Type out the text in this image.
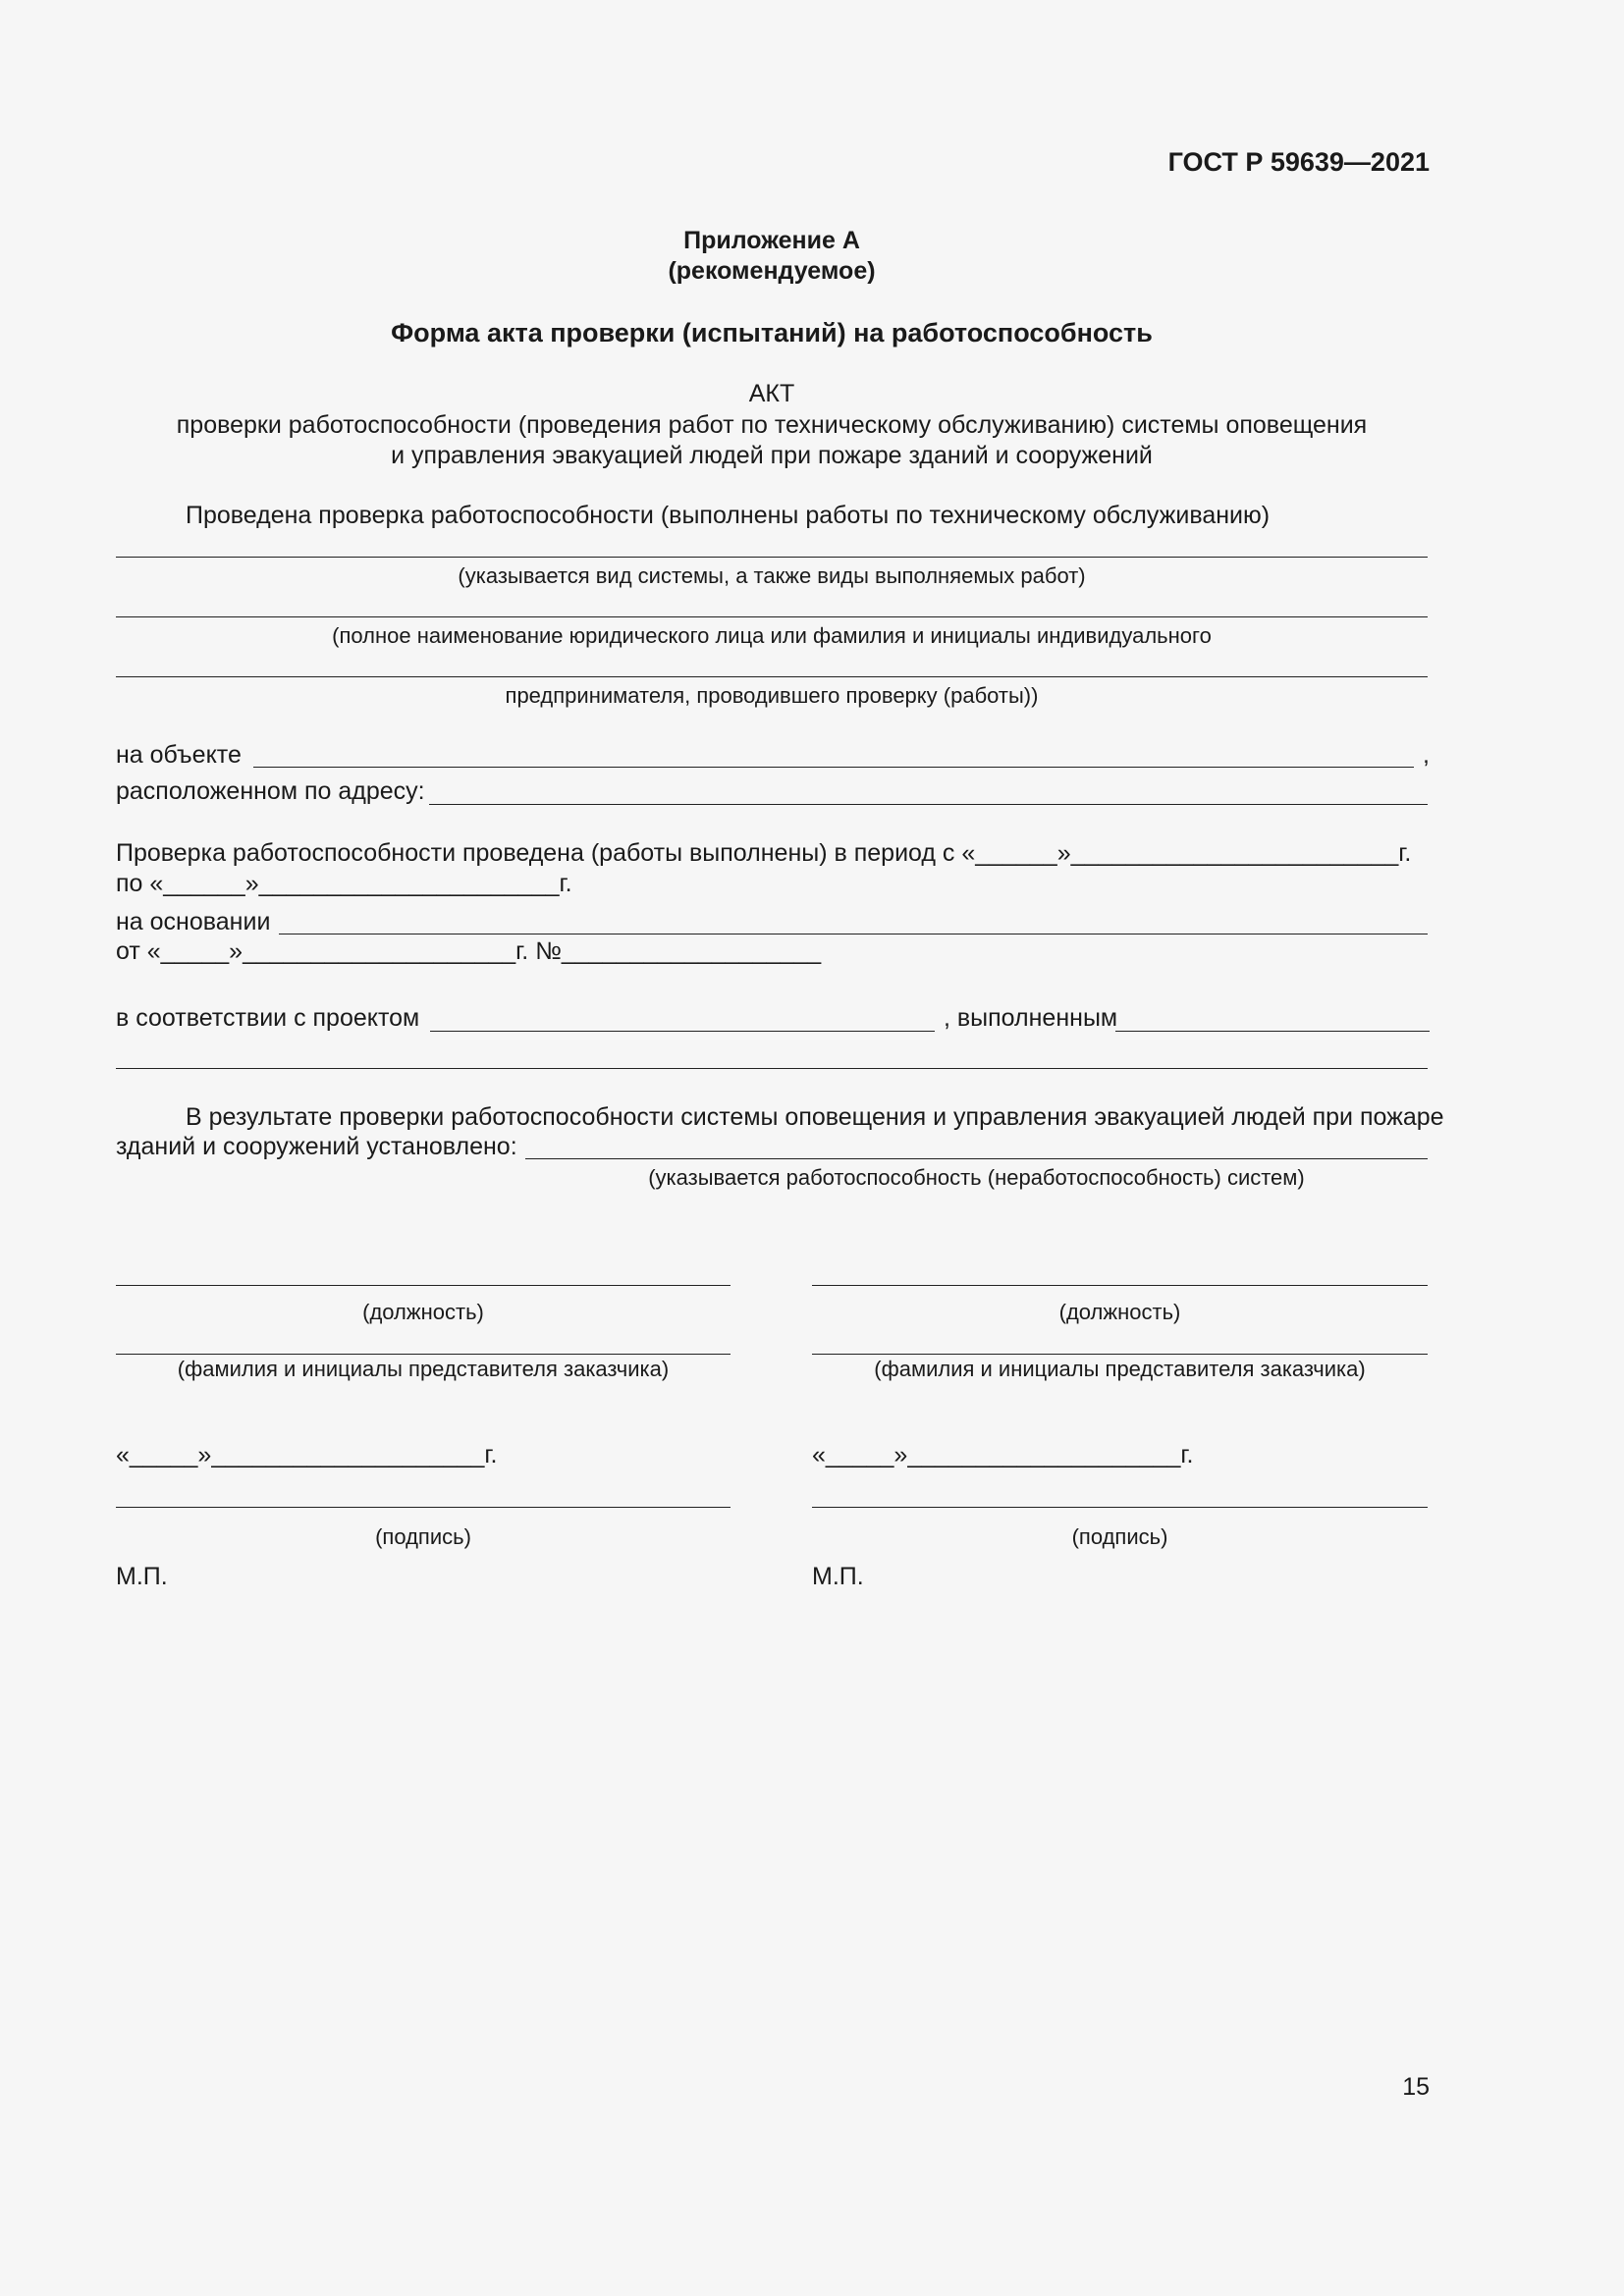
ГОСТ Р 59639—2021
Приложение А
(рекомендуемое)
Форма акта проверки (испытаний) на работоспособность
АКТ
проверки работоспособности (проведения работ по техническому обслуживанию) системы оповещения
и управления эвакуацией людей при пожаре зданий и сооружений
Проведена проверка работоспособности (выполнены работы по техническому обслуживанию)
(указывается вид системы, а также виды выполняемых работ)
(полное наименование юридического лица или фамилия и инициалы индивидуального
предпринимателя, проводившего проверку (работы))
на объекте	,
расположенном по адресу:
Проверка работоспособности проведена (работы выполнены) в период с «______»________________________г.
по «______»______________________г.
на основании
от «_____»____________________г. №___________________
в соответствии с проектом	, выполненным
В результате проверки работоспособности системы оповещения и управления эвакуацией людей при пожаре
зданий и сооружений установлено:
(указывается работоспособность (неработоспособность) систем)
(должность)
(фамилия и инициалы представителя заказчика)
«_____»____________________г.
(подпись)
М.П.
(должность)
(фамилия и инициалы представителя заказчика)
«_____»____________________г.
(подпись)
М.П.
15
